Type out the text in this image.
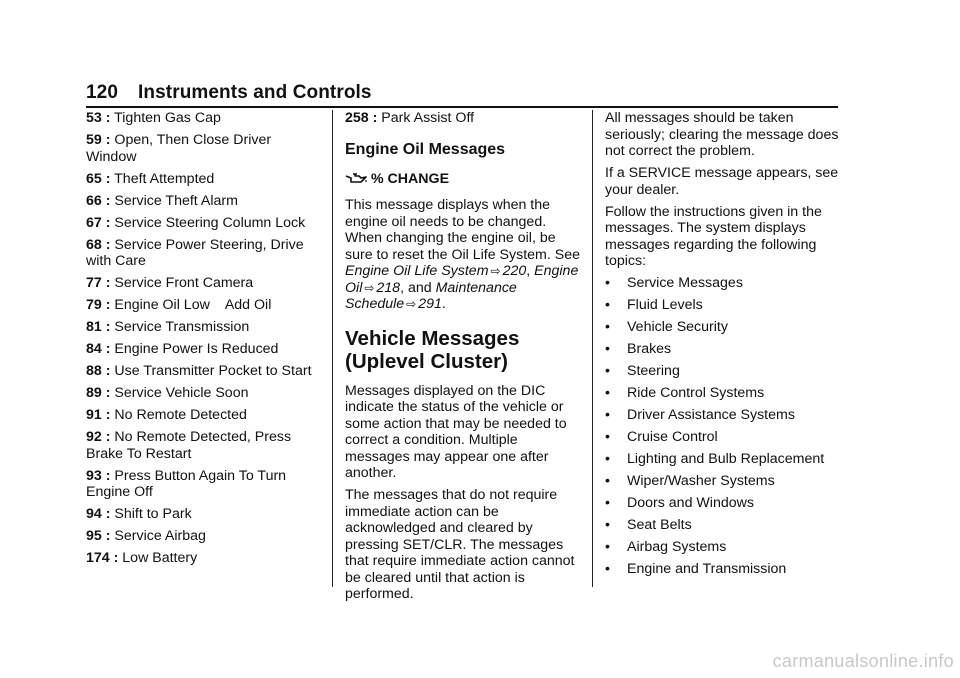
120 Instruments and Controls

53 : Tighten Gas Cap

59 : Open, Then Close Driver Window

65 : Theft Attempted

66 : Service Theft Alarm

67 : Service Steering Column Lock

68 : Service Power Steering, Drive with Care

77 : Service Front Camera

79 : Engine Oil Low    Add Oil

81 : Service Transmission

84 : Engine Power Is Reduced

88 : Use Transmitter Pocket to Start

89 : Service Vehicle Soon

91 : No Remote Detected

92 : No Remote Detected, Press Brake To Restart

93 : Press Button Again To Turn Engine Off

94 : Shift to Park

95 : Service Airbag

174 : Low Battery

258 : Park Assist Off

Engine Oil Messages
% CHANGE

This message displays when the engine oil needs to be changed. When changing the engine oil, be sure to reset the Oil Life System. See Engine Oil Life System ⇨ 220, Engine Oil ⇨ 218, and Maintenance Schedule ⇨ 291.

Vehicle Messages (Uplevel Cluster)

Messages displayed on the DIC indicate the status of the vehicle or some action that may be needed to correct a condition. Multiple messages may appear one after another.

The messages that do not require immediate action can be acknowledged and cleared by pressing SET/CLR. The messages that require immediate action cannot be cleared until that action is performed.

All messages should be taken seriously; clearing the message does not correct the problem.

If a SERVICE message appears, see your dealer.

Follow the instructions given in the messages. The system displays messages regarding the following topics:

•	Service Messages
•	Fluid Levels
•	Vehicle Security
•	Brakes
•	Steering
•	Ride Control Systems
•	Driver Assistance Systems
•	Cruise Control
•	Lighting and Bulb Replacement
•	Wiper/Washer Systems
•	Doors and Windows
•	Seat Belts
•	Airbag Systems
•	Engine and Transmission
carmanualsonline.info
